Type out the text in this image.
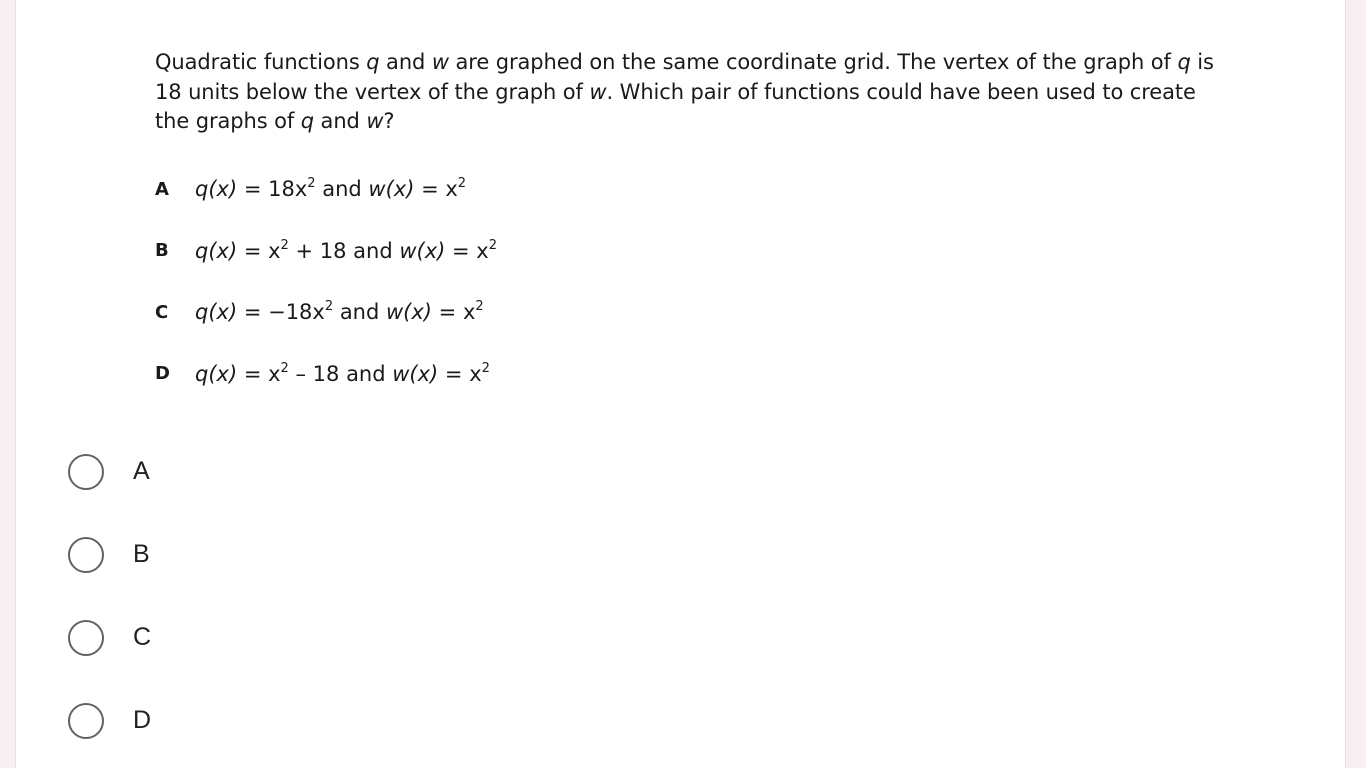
Quadratic functions q and w are graphed on the same coordinate grid. The vertex of the graph of q is 18 units below the vertex of the graph of w. Which pair of functions could have been used to create the graphs of q and w?

A	$q(x) = 18x^2$ and $w(x) = x^2$
B	$q(x) = x^2 + 18$ and $w(x) = x^2$
C	$q(x) = -18x^2$ and $w(x) = x^2$
D	$q(x) = x^2 - 18$ and $w(x) = x^2$
A
B
C
D
